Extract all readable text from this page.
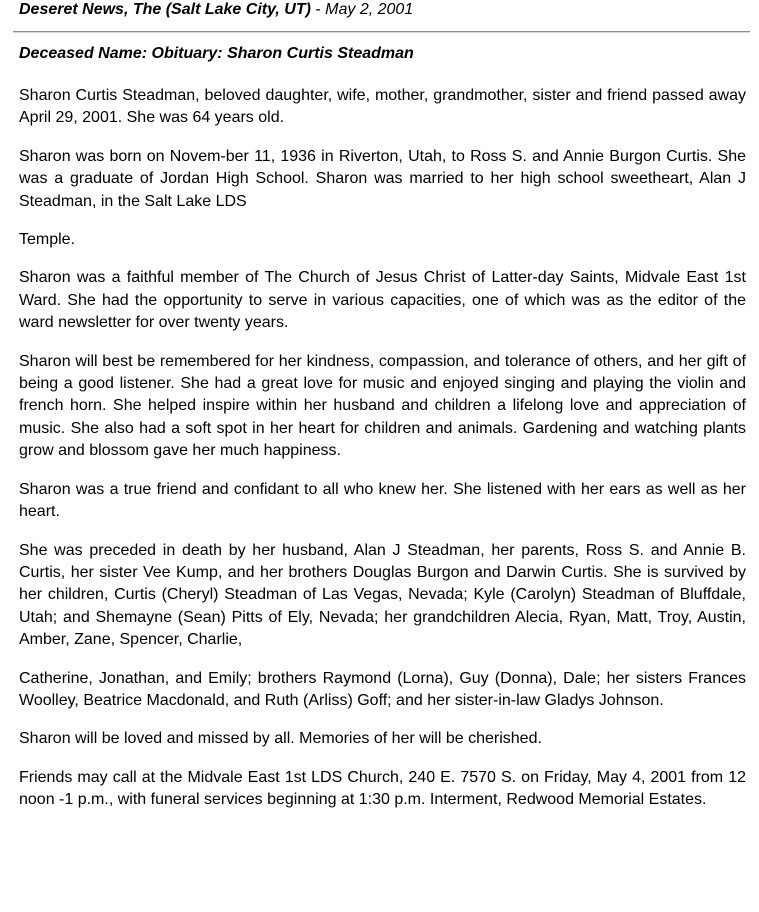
Deseret News, The (Salt Lake City, UT) - May 2, 2001
Deceased Name: Obituary: Sharon Curtis Steadman

Sharon Curtis Steadman, beloved daughter, wife, mother, grandmother, sister and friend passed away April 29, 2001. She was 64 years old.

Sharon was born on Novem-ber 11, 1936 in Riverton, Utah, to Ross S. and Annie Burgon Curtis. She was a graduate of Jordan High School. Sharon was married to her high school sweetheart, Alan J Steadman, in the Salt Lake LDS

Temple.

Sharon was a faithful member of The Church of Jesus Christ of Latter-day Saints, Midvale East 1st Ward. She had the opportunity to serve in various capacities, one of which was as the editor of the ward newsletter for over twenty years.

Sharon will best be remembered for her kindness, compassion, and tolerance of others, and her gift of being a good listener. She had a great love for music and enjoyed singing and playing the violin and french horn. She helped inspire within her husband and children a lifelong love and appreciation of music. She also had a soft spot in her heart for children and animals. Gardening and watching plants grow and blossom gave her much happiness.

Sharon was a true friend and confidant to all who knew her. She listened with her ears as well as her heart.

She was preceded in death by her husband, Alan J Steadman, her parents, Ross S. and Annie B. Curtis, her sister Vee Kump, and her brothers Douglas Burgon and Darwin Curtis. She is survived by her children, Curtis (Cheryl) Steadman of Las Vegas, Nevada; Kyle (Carolyn) Steadman of Bluffdale, Utah; and Shemayne (Sean) Pitts of Ely, Nevada; her grandchildren Alecia, Ryan, Matt, Troy, Austin, Amber, Zane, Spencer, Charlie,

Catherine, Jonathan, and Emily; brothers Raymond (Lorna), Guy (Donna), Dale; her sisters Frances Woolley, Beatrice Macdonald, and Ruth (Arliss) Goff; and her sister-in-law Gladys Johnson.

Sharon will be loved and missed by all. Memories of her will be cherished.

Friends may call at the Midvale East 1st LDS Church, 240 E. 7570 S. on Friday, May 4, 2001 from 12 noon -1 p.m., with funeral services beginning at 1:30 p.m. Interment, Redwood Memorial Estates.
